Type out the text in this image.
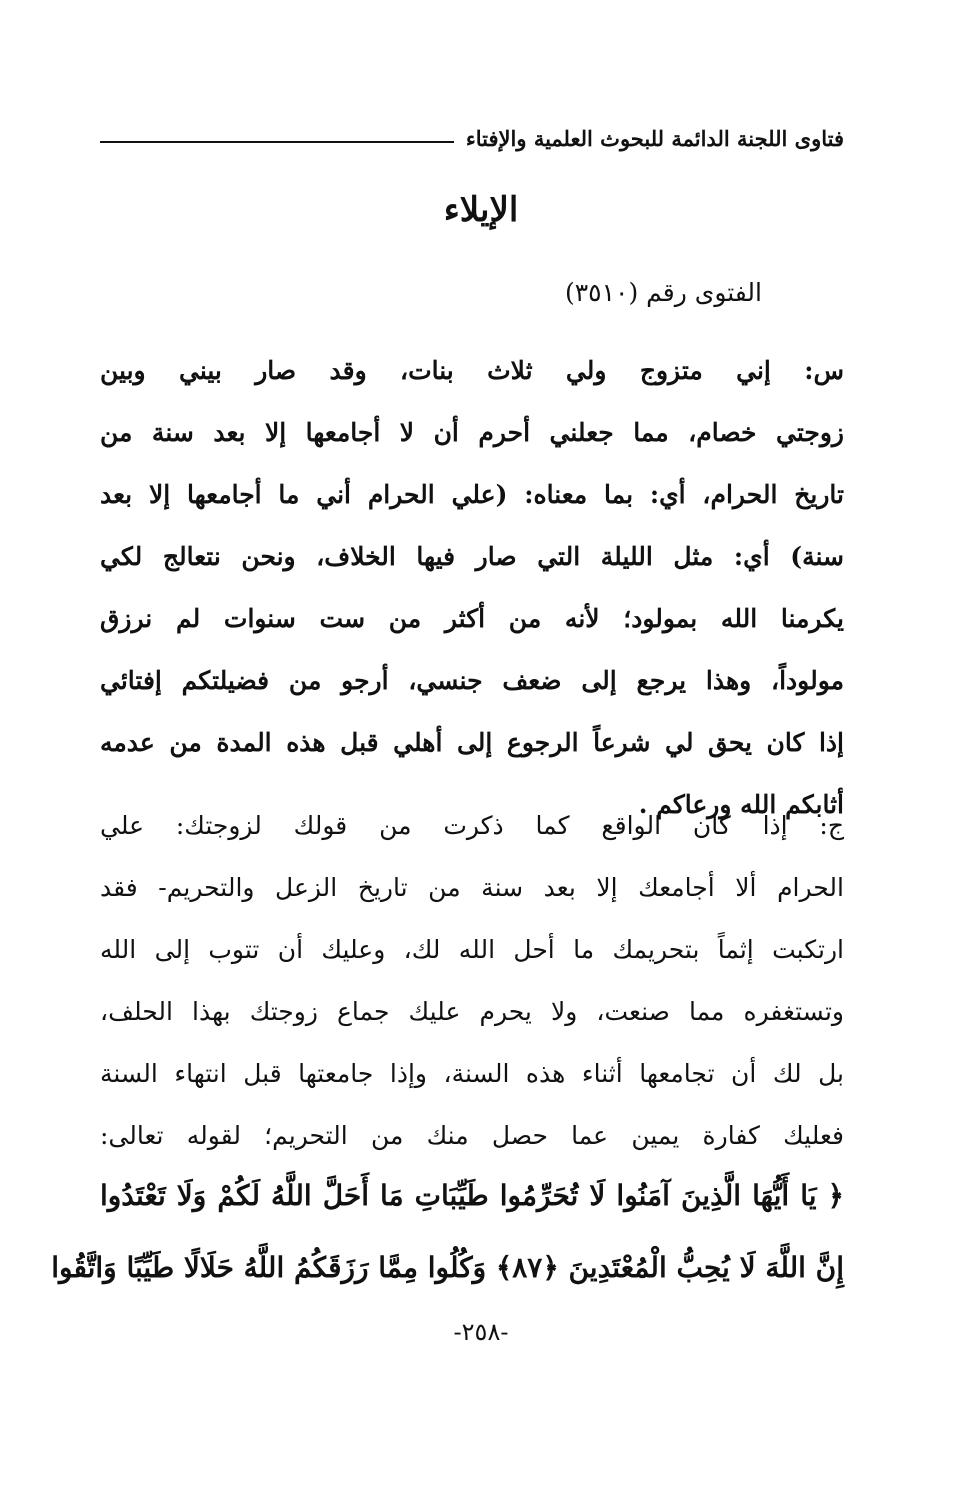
فتاوى اللجنة الدائمة للبحوث العلمية والإفتاء
الإيلاء
الفتوى رقم (٣٥١٠)
س: إني متزوج ولي ثلاث بنات، وقد صار بيني وبين
زوجتي خصام، مما جعلني أحرم أن لا أجامعها إلا بعد سنة من
تاريخ الحرام، أي: بما معناه: (علي الحرام أني ما أجامعها إلا بعد
سنة) أي: مثل الليلة التي صار فيها الخلاف، ونحن نتعالج لكي
يكرمنا الله بمولود؛ لأنه من أكثر من ست سنوات لم نرزق
مولوداً، وهذا يرجع إلى ضعف جنسي، أرجو من فضيلتكم إفتائي
إذا كان يحق لي شرعاً الرجوع إلى أهلي قبل هذه المدة من عدمه
أثابكم الله ورعاكم .
ج: إذا كان الواقع كما ذكرت من قولك لزوجتك: علي
الحرام ألا أجامعك إلا بعد سنة من تاريخ الزعل والتحريم- فقد
ارتكبت إثماً بتحريمك ما أحل الله لك، وعليك أن تتوب إلى الله
وتستغفره مما صنعت، ولا يحرم عليك جماع زوجتك بهذا الحلف،
بل لك أن تجامعها أثناء هذه السنة، وإذا جامعتها قبل انتهاء السنة
فعليك كفارة يمين عما حصل منك من التحريم؛ لقوله تعالى:
﴿ يَا أَيُّهَا الَّذِينَ آمَنُوا لَا تُحَرِّمُوا طَيِّبَاتِ مَا أَحَلَّ اللَّهُ لَكُمْ وَلَا تَعْتَدُوا
إِنَّ اللَّهَ لَا يُحِبُّ الْمُعْتَدِينَ ﴿٨٧﴾ وَكُلُوا مِمَّا رَزَقَكُمُ اللَّهُ حَلَالًا طَيِّبًا وَاتَّقُوا
-٢٥٨-
